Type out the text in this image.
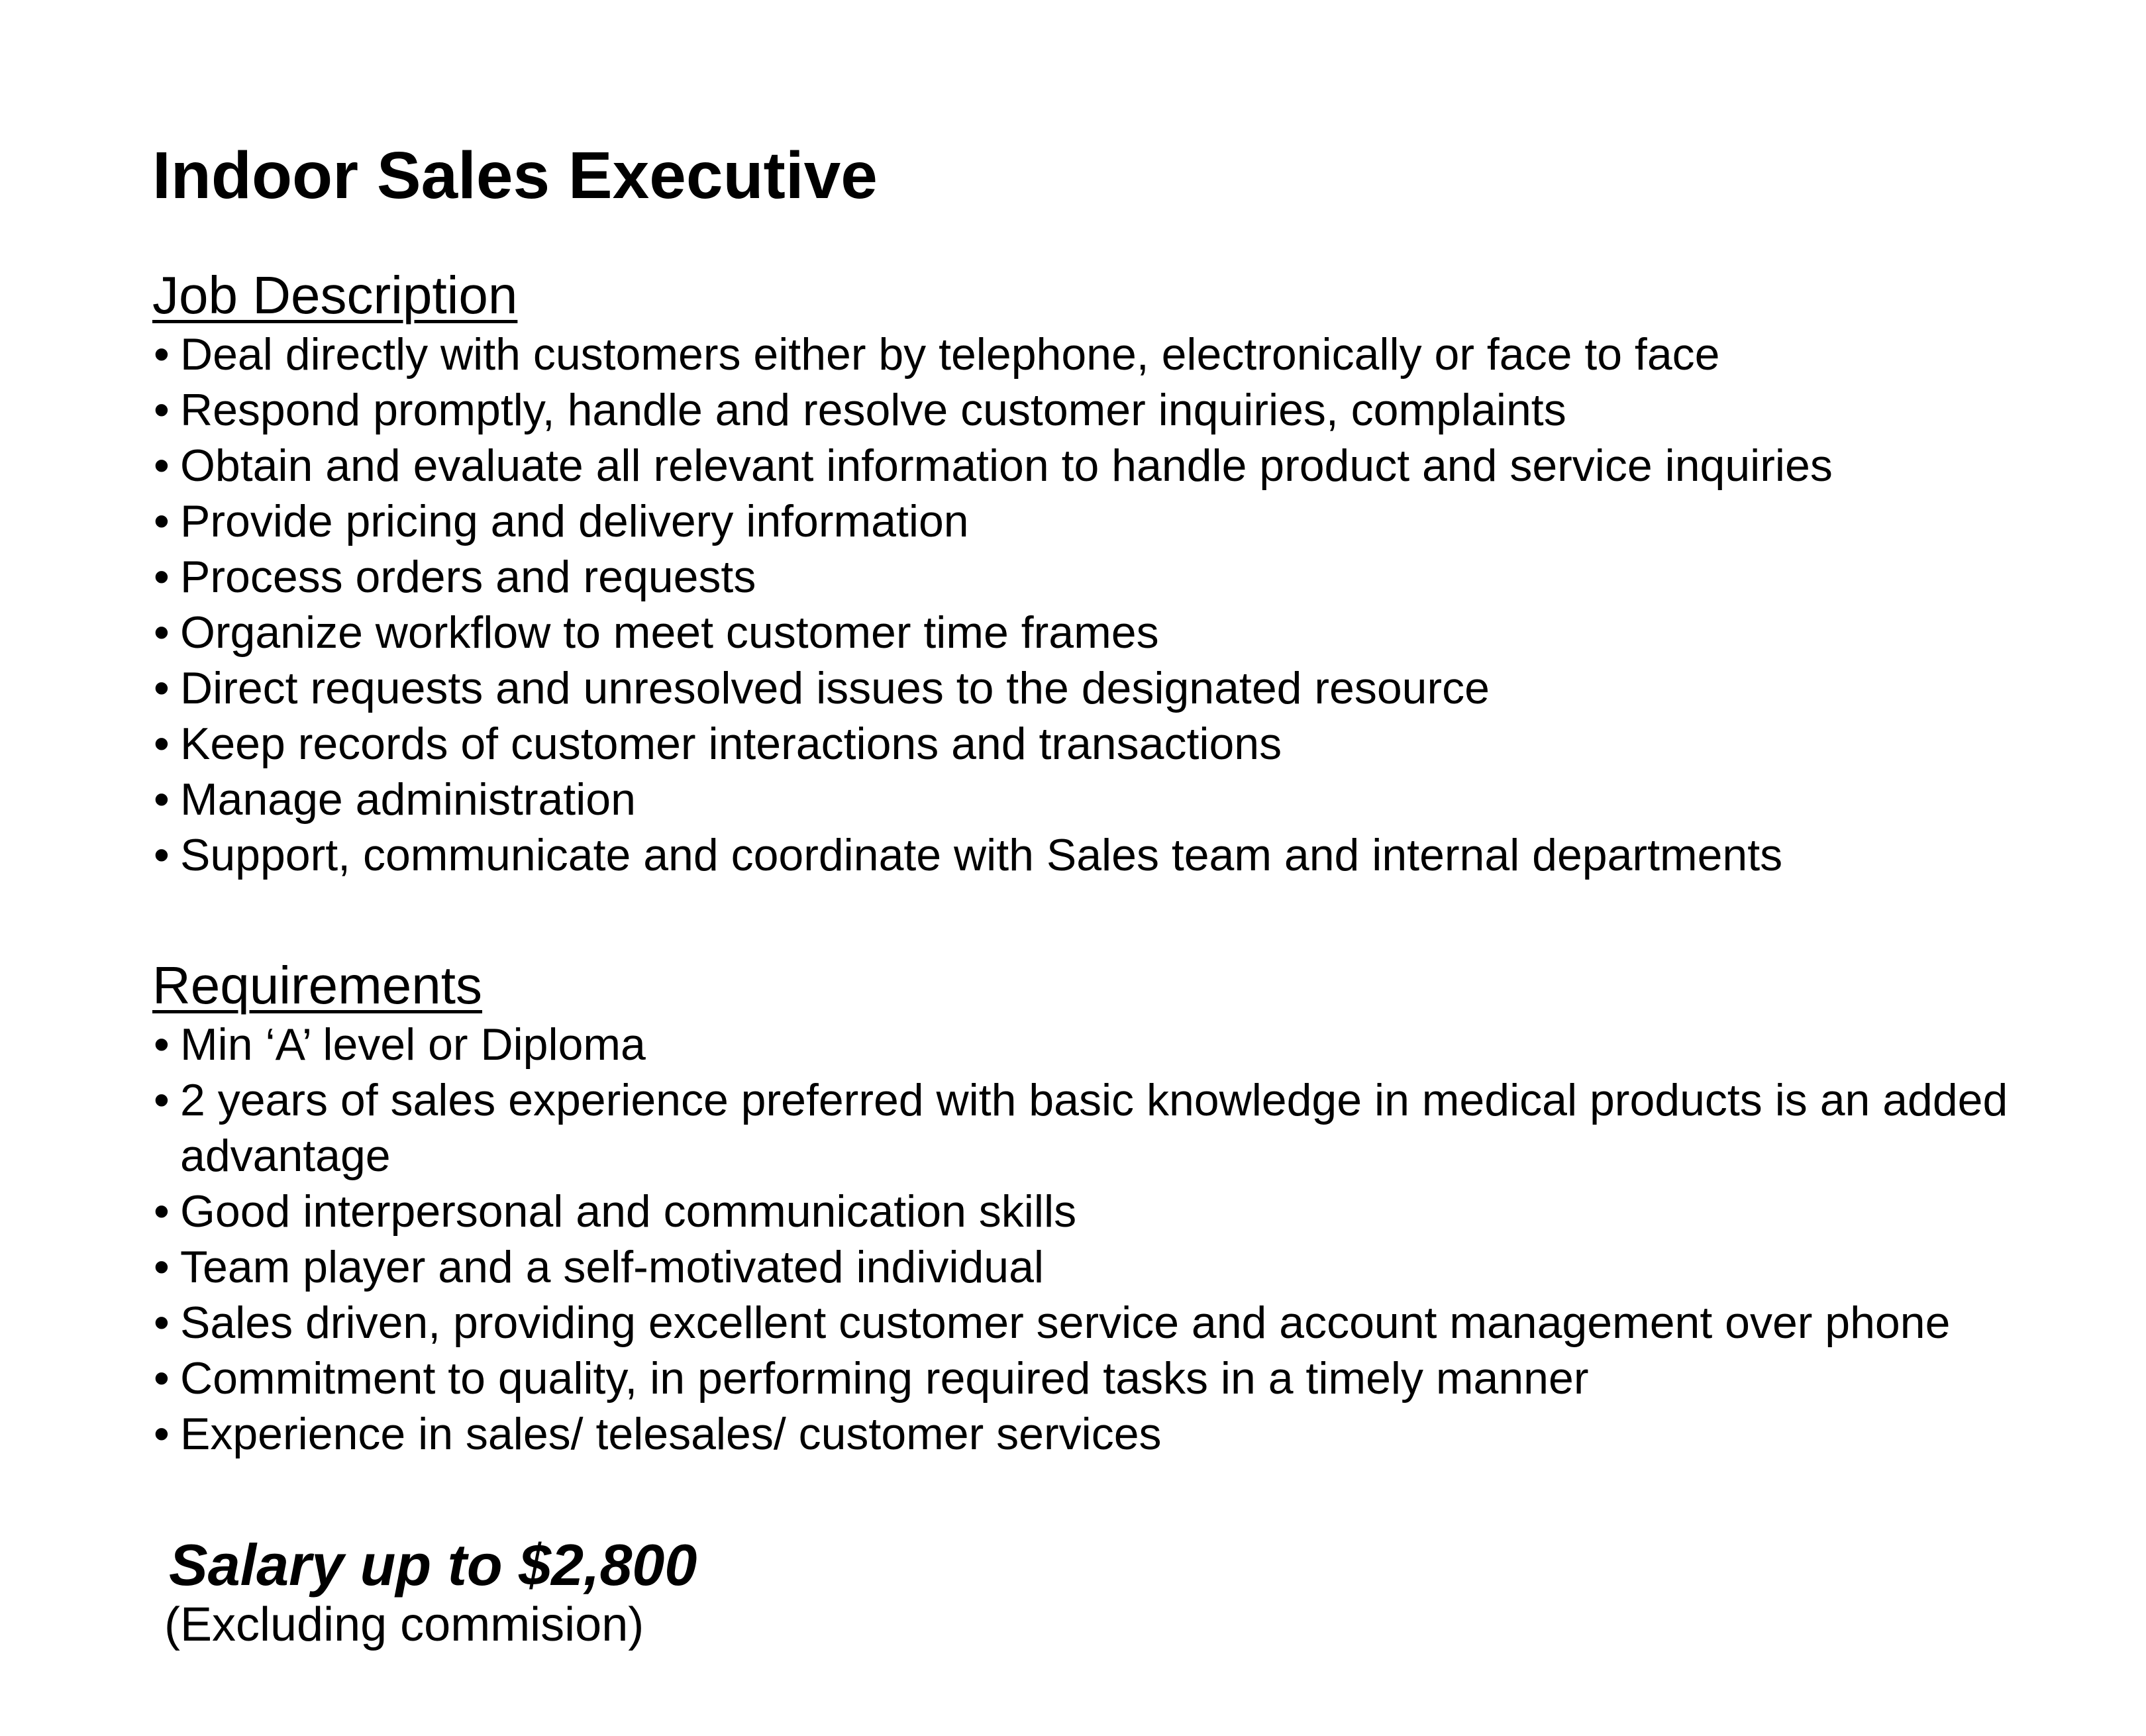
Indoor Sales Executive
Job Description
• Deal directly with customers either by telephone, electronically or face to face
• Respond promptly, handle and resolve customer inquiries, complaints
• Obtain and evaluate all relevant information to handle product and service inquiries
• Provide pricing and delivery information
• Process orders and requests
• Organize workflow to meet customer time frames
• Direct requests and unresolved issues to the designated resource
• Keep records of customer interactions and transactions
• Manage administration
• Support, communicate and coordinate with Sales team and internal departments
Requirements
• Min ‘A’ level or Diploma
• 2 years of sales experience preferred with basic knowledge in medical products is an added advantage
• Good interpersonal and communication skills
• Team player and a self-motivated individual
• Sales driven, providing excellent customer service and account management over phone
• Commitment to quality, in performing required tasks in a timely manner
• Experience in sales/ telesales/ customer services

Salary up to $2,800

(Excluding commision)
